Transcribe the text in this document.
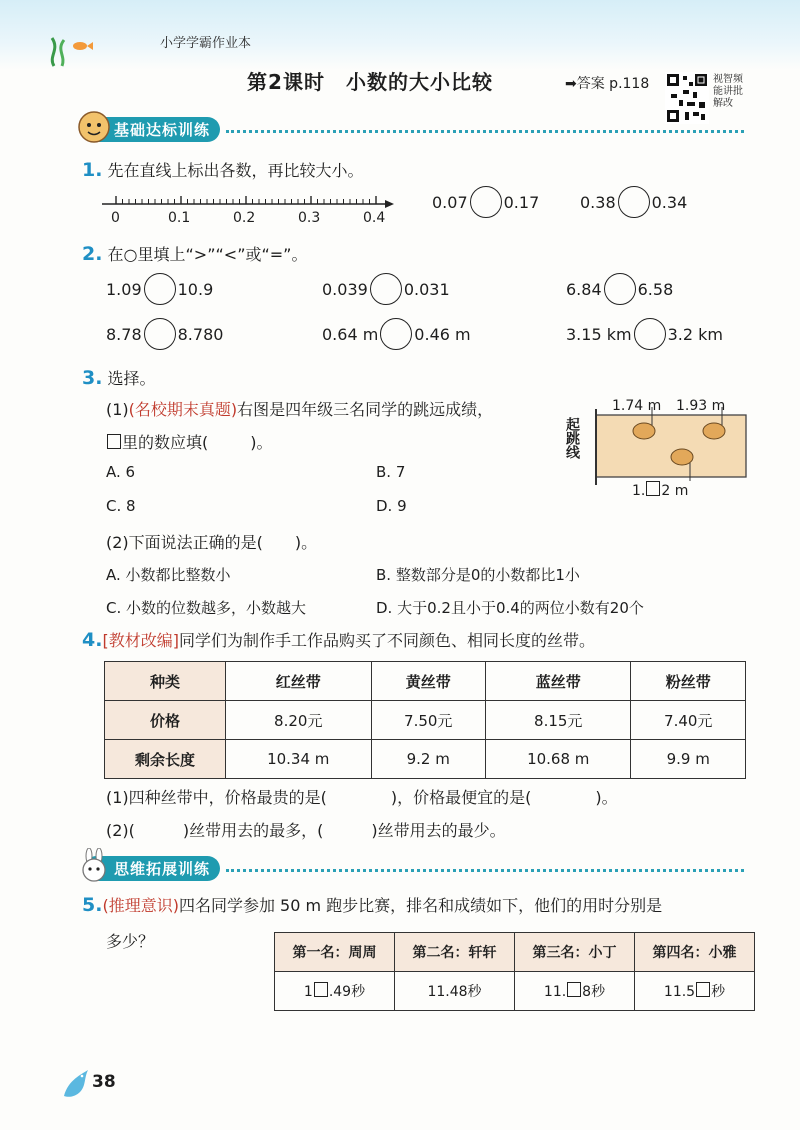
小学学霸作业本
第2课时　小数的大小比较	➡答案 p.118	视智频能讲批解改
基础达标训练
1. 先在直线上标出各数，再比较大小。
0	0.1	0.2	0.3	0.4
0.07 0.17	0.38 0.34
2. 在○里填上“>”“<”或“=”。
1.09 10.9	0.039 0.031	6.84 6.58
8.78 8.780	0.64 m 0.46 m	3.15 km 3.2 km
3. 选择。
(1)(名校期末真题)右图是四年级三名同学的跳远成绩，
里的数应填(	)。
A. 6	B. 7
C. 8	D. 9
起跳线
1.74 m 1.93 m
1. 2 m
(2)下面说法正确的是(　　)。
A. 小数都比整数小	B. 整数部分是0的小数都比1小
C. 小数的位数越多，小数越大	D. 大于0.2且小于0.4的两位小数有20个
4.[教材改编]同学们为制作手工作品购买了不同颜色、相同长度的丝带。
种类	红丝带	黄丝带	蓝丝带	粉丝带
价格	8.20元	7.50元	8.15元	7.40元
剩余长度	10.34 m	9.2 m	10.68 m	9.9 m
(1)四种丝带中，价格最贵的是(　　　　)，价格最便宜的是(　　　　)。
(2)(　　　)丝带用去的最多，(　　　)丝带用去的最少。
思维拓展训练
5.(推理意识)四名同学参加 50 m 跑步比赛，排名和成绩如下，他们的用时分别是
多少？
第一名：周周	第二名：轩轩	第三名：小丁	第四名：小雅
1 .49秒	11.48秒	11. 8秒	11.5 秒
38
